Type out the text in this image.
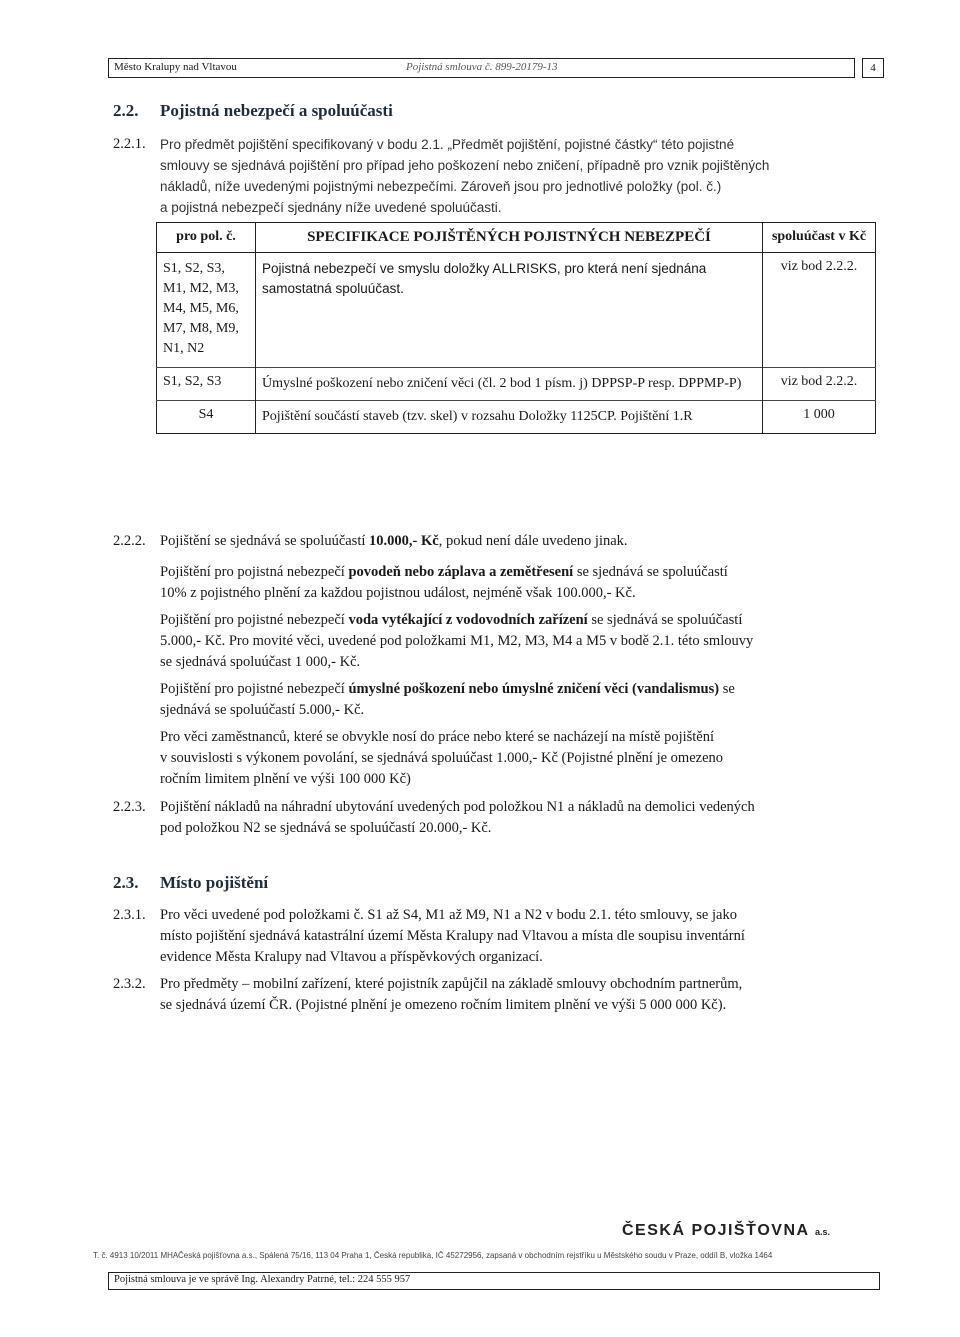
Město Kralupy nad Vltavou	Pojistná smlouva č. 899-20179-13	4
2.2. Pojistná nebezpečí a spoluúčasti
2.2.1. Pro předmět pojištění specifikovaný v bodu 2.1. „Předmět pojištění, pojistné částky“ této pojistné
smlouvy se sjednává pojištění pro případ jeho poškození nebo zničení, případně pro vznik pojištěných
nákladů, níže uvedenými pojistnými nebezpečími. Zároveň jsou pro jednotlivé položky (pol. č.)
a pojistná nebezpečí sjednány níže uvedené spoluúčasti.
pro pol. č.	SPECIFIKACE POJIŠTĚNÝCH POJISTNÝCH NEBEZPEČÍ	spoluúčast v Kč
S1, S2, S3, M1, M2, M3, M4, M5, M6, M7, M8, M9, N1, N2	Pojistná nebezpečí ve smyslu doložky ALLRISKS, pro která není sjednána samostatná spoluúčast.	viz bod 2.2.2.
S1, S2, S3	Úmyslné poškození nebo zničení věci (čl. 2 bod 1 písm. j) DPPSP-P resp. DPPMP-P)	viz bod 2.2.2.
S4	Pojištění součástí staveb (tzv. skel) v rozsahu Doložky 1125CP. Pojištění 1.R	1 000
2.2.2. Pojištění se sjednává se spoluúčastí 10.000,- Kč, pokud není dále uvedeno jinak.
Pojištění pro pojistná nebezpečí povodeň nebo záplava a zemětřesení se sjednává se spoluúčastí
10% z pojistného plnění za každou pojistnou událost, nejméně však 100.000,- Kč.
Pojištění pro pojistné nebezpečí voda vytékající z vodovodních zařízení se sjednává se spoluúčastí
5.000,- Kč. Pro movité věci, uvedené pod položkami M1, M2, M3, M4 a M5 v bodě 2.1. této smlouvy
se sjednává spoluúčast 1 000,- Kč.
Pojištění pro pojistné nebezpečí úmyslné poškození nebo úmyslné zničení věci (vandalismus) se
sjednává se spoluúčastí 5.000,- Kč.
Pro věci zaměstnanců, které se obvykle nosí do práce nebo které se nacházejí na místě pojištění
v souvislosti s výkonem povolání, se sjednává spoluúčast 1.000,- Kč (Pojistné plnění je omezeno
ročním limitem plnění ve výši 100 000 Kč)
2.2.3. Pojištění nákladů na náhradní ubytování uvedených pod položkou N1 a nákladů na demolici vedených
pod položkou N2 se sjednává se spoluúčastí 20.000,- Kč.
2.3. Místo pojištění
2.3.1. Pro věci uvedené pod položkami č. S1 až S4, M1 až M9, N1 a N2 v bodu 2.1. této smlouvy, se jako
místo pojištění sjednává katastrální území Města Kralupy nad Vltavou a místa dle soupisu inventární
evidence Města Kralupy nad Vltavou a příspěvkových organizací.
2.3.2. Pro předměty – mobilní zařízení, které pojistník zapůjčil na základě smlouvy obchodním partnerům,
se sjednává území ČR. (Pojistné plnění je omezeno ročním limitem plnění ve výši 5 000 000 Kč).
ČESKÁ POJIŠŤOVNA a.s.
T. č. 4913 10/2011 MHA Česká pojišťovna a.s., Spálená 75/16, 113 04 Praha 1, Česká republika, IČ 45272956, zapsaná v obchodním rejstříku u Městského soudu v Praze, oddíl B, vložka 1464
Pojistná smlouva je ve správě Ing. Alexandry Patrné, tel.: 224 555 957
